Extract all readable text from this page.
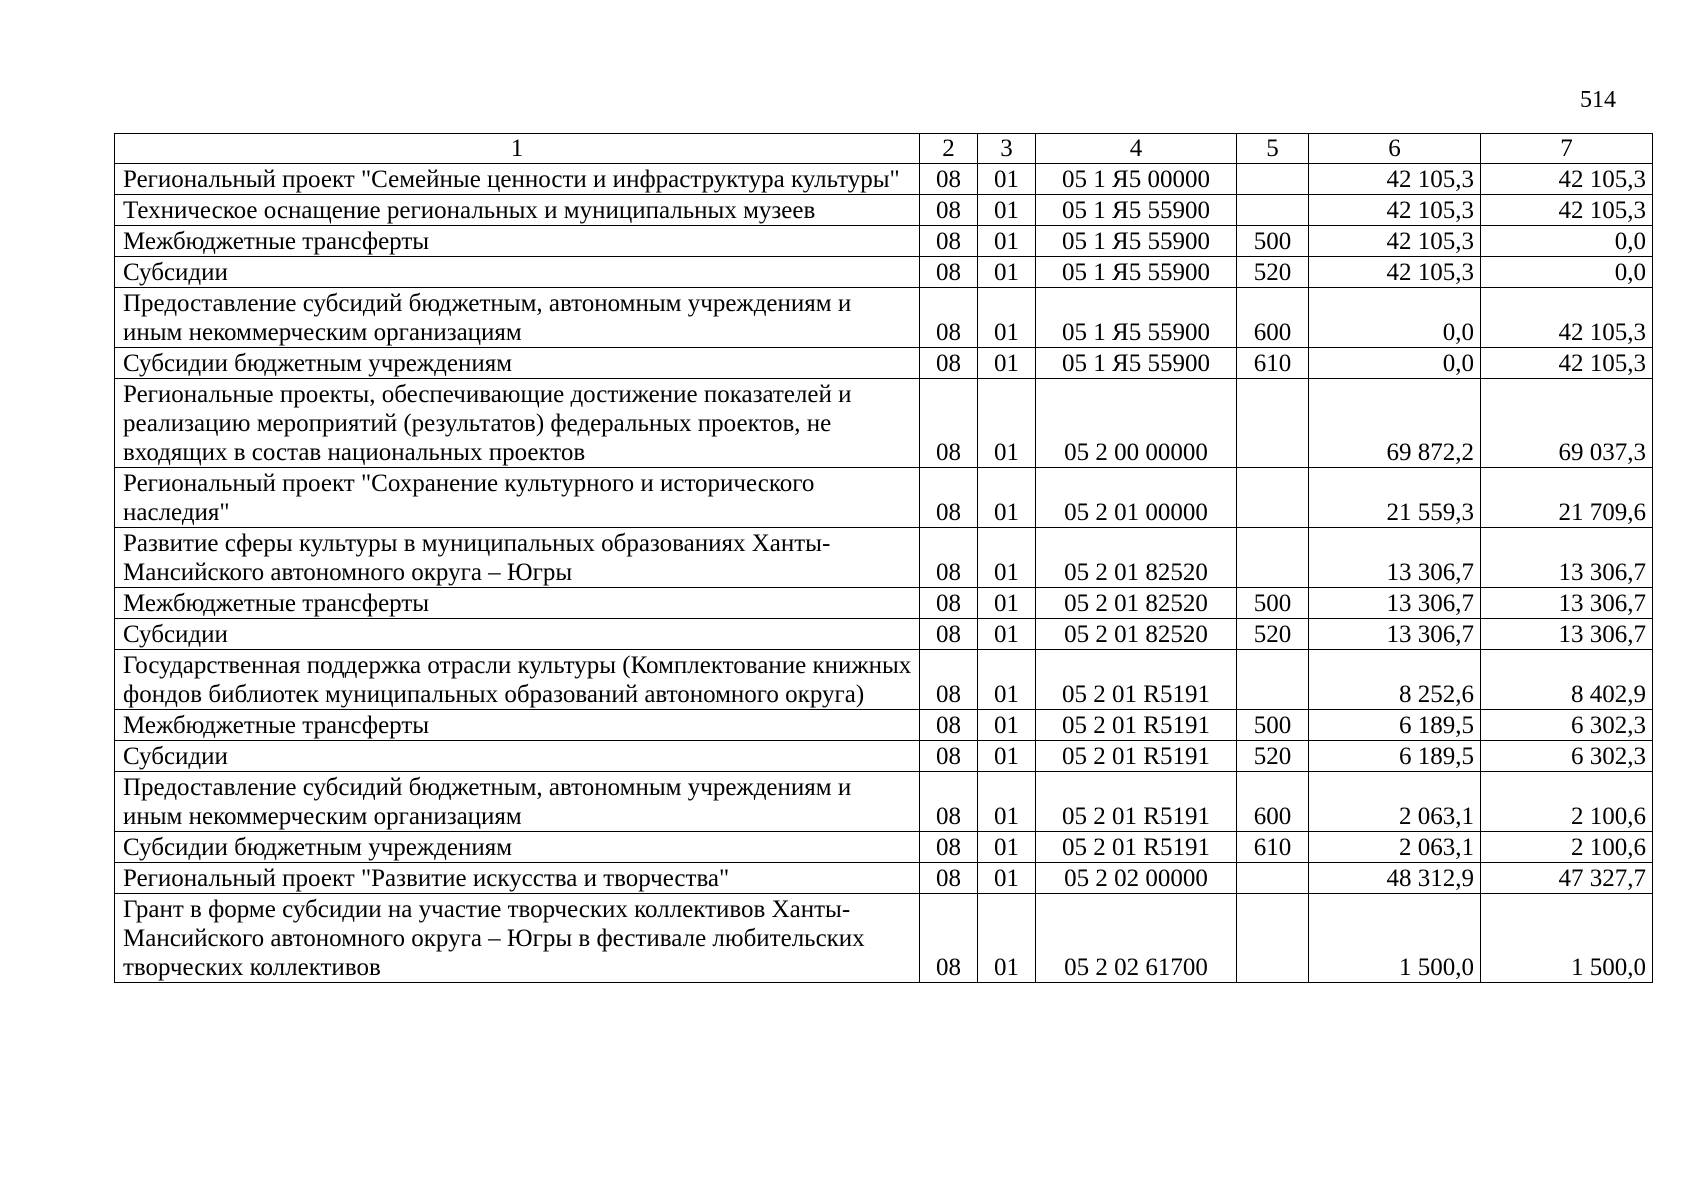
514
1	2	3	4	5	6	7
Региональный проект "Семейные ценности и инфраструктура культуры"	08	01	05 1 Я5 00000		42 105,3	42 105,3
Техническое оснащение региональных и муниципальных музеев	08	01	05 1 Я5 55900		42 105,3	42 105,3
Межбюджетные трансферты	08	01	05 1 Я5 55900	500	42 105,3	0,0
Субсидии	08	01	05 1 Я5 55900	520	42 105,3	0,0
Предоставление субсидий бюджетным, автономным учреждениям и иным некоммерческим организациям	08	01	05 1 Я5 55900	600	0,0	42 105,3
Субсидии бюджетным учреждениям	08	01	05 1 Я5 55900	610	0,0	42 105,3
Региональные проекты, обеспечивающие достижение показателей и реализацию мероприятий (результатов) федеральных проектов, не входящих в состав национальных проектов	08	01	05 2 00 00000		69 872,2	69 037,3
Региональный проект "Сохранение культурного и исторического наследия"	08	01	05 2 01 00000		21 559,3	21 709,6
Развитие сферы культуры в муниципальных образованиях Ханты-Мансийского автономного округа – Югры	08	01	05 2 01 82520		13 306,7	13 306,7
Межбюджетные трансферты	08	01	05 2 01 82520	500	13 306,7	13 306,7
Субсидии	08	01	05 2 01 82520	520	13 306,7	13 306,7
Государственная поддержка отрасли культуры (Комплектование книжных фондов библиотек муниципальных образований автономного округа)	08	01	05 2 01 R5191		8 252,6	8 402,9
Межбюджетные трансферты	08	01	05 2 01 R5191	500	6 189,5	6 302,3
Субсидии	08	01	05 2 01 R5191	520	6 189,5	6 302,3
Предоставление субсидий бюджетным, автономным учреждениям и иным некоммерческим организациям	08	01	05 2 01 R5191	600	2 063,1	2 100,6
Субсидии бюджетным учреждениям	08	01	05 2 01 R5191	610	2 063,1	2 100,6
Региональный проект "Развитие искусства и творчества"	08	01	05 2 02 00000		48 312,9	47 327,7
Грант в форме субсидии на участие творческих коллективов Ханты-Мансийского автономного округа – Югры в фестивале любительских творческих коллективов	08	01	05 2 02 61700		1 500,0	1 500,0
